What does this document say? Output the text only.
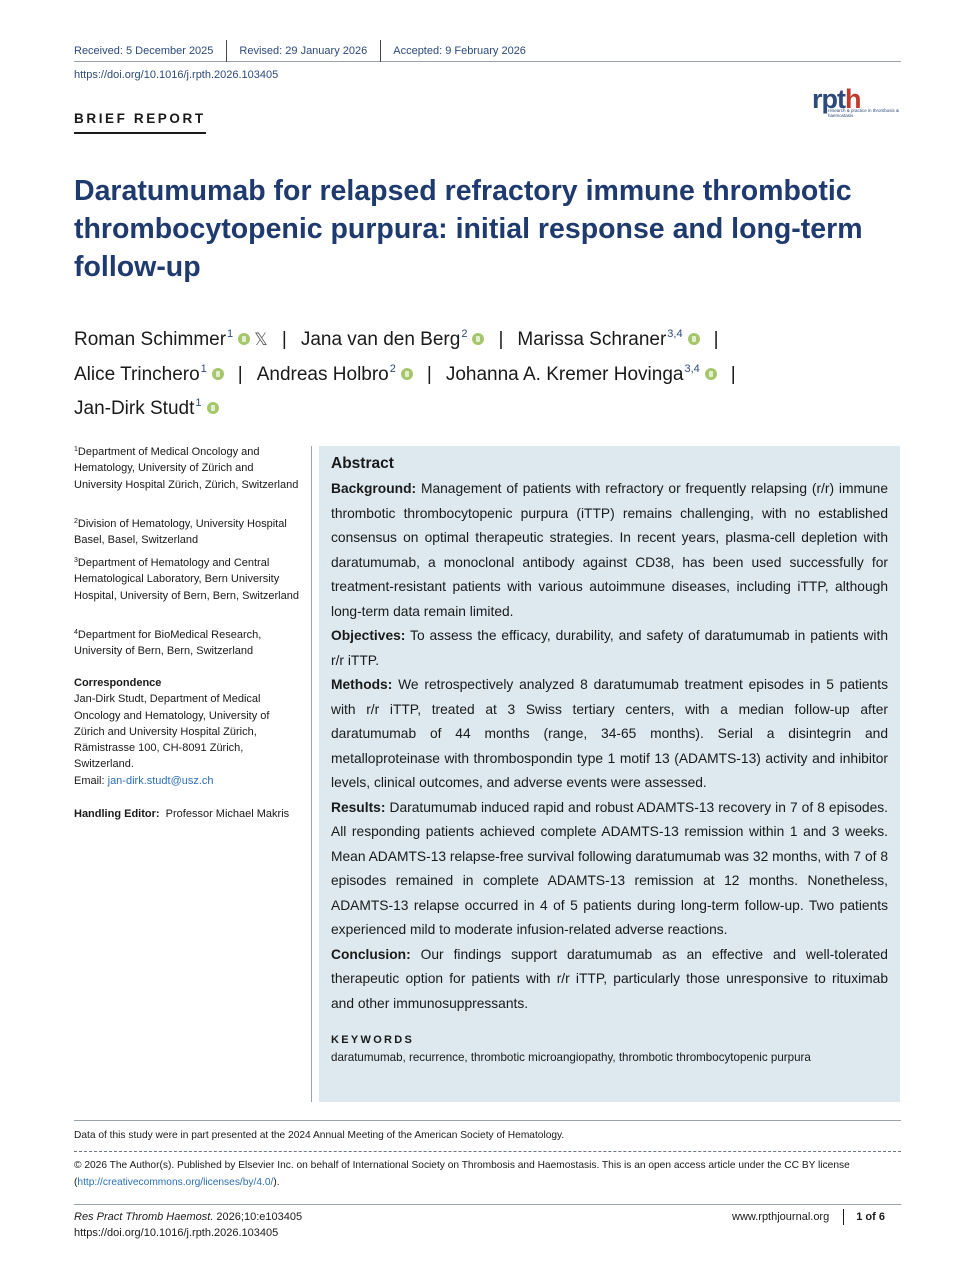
Received: 5 December 2025	Revised: 29 January 2026	Accepted: 9 February 2026
https://doi.org/10.1016/j.rpth.2026.103405
BRIEF REPORT
rpth
research & practice in thrombosis & haemostasis
Daratumumab for relapsed refractory immune thrombotic thrombocytopenic purpura: initial response and long-term follow-up
Roman Schimmer$^1$ 𝕏 | Jana van den Berg$^2$ | Marissa Schraner$^{3,4}$ |
Alice Trinchero$^1$ | Andreas Holbro$^2$ | Johanna A. Kremer Hovinga$^{3,4}$ |
Jan-Dirk Studt$^1$
$^1$Department of Medical Oncology and Hematology, University of Zürich and University Hospital Zürich, Zürich, Switzerland
$^2$Division of Hematology, University Hospital Basel, Basel, Switzerland
$^3$Department of Hematology and Central Hematological Laboratory, Bern University Hospital, University of Bern, Bern, Switzerland
$^4$Department for BioMedical Research, University of Bern, Bern, Switzerland
Correspondence
Jan-Dirk Studt, Department of Medical Oncology and Hematology, University of Zürich and University Hospital Zürich, Rämistrasse 100, CH-8091 Zürich, Switzerland.
Email: jan-dirk.studt@usz.ch
Handling Editor: Professor Michael Makris
Abstract

Background: Management of patients with refractory or frequently relapsing (r/r) immune thrombotic thrombocytopenic purpura (iTTP) remains challenging, with no established consensus on optimal therapeutic strategies. In recent years, plasma-cell depletion with daratumumab, a monoclonal antibody against CD38, has been used successfully for treatment-resistant patients with various autoimmune diseases, including iTTP, although long-term data remain limited.

Objectives: To assess the efficacy, durability, and safety of daratumumab in patients with r/r iTTP.

Methods: We retrospectively analyzed 8 daratumumab treatment episodes in 5 patients with r/r iTTP, treated at 3 Swiss tertiary centers, with a median follow-up after daratumumab of 44 months (range, 34-65 months). Serial a disintegrin and metalloproteinase with thrombospondin type 1 motif 13 (ADAMTS-13) activity and inhibitor levels, clinical outcomes, and adverse events were assessed.

Results: Daratumumab induced rapid and robust ADAMTS-13 recovery in 7 of 8 episodes. All responding patients achieved complete ADAMTS-13 remission within 1 and 3 weeks. Mean ADAMTS-13 relapse-free survival following daratumumab was 32 months, with 7 of 8 episodes remained in complete ADAMTS-13 remission at 12 months. Nonetheless, ADAMTS-13 relapse occurred in 4 of 5 patients during long-term follow-up. Two patients experienced mild to moderate infusion-related adverse reactions.

Conclusion: Our findings support daratumumab as an effective and well-tolerated therapeutic option for patients with r/r iTTP, particularly those unresponsive to rituximab and other immunosuppressants.

KEYWORDS
daratumumab, recurrence, thrombotic microangiopathy, thrombotic thrombocytopenic purpura
Data of this study were in part presented at the 2024 Annual Meeting of the American Society of Hematology.
© 2026 The Author(s). Published by Elsevier Inc. on behalf of International Society on Thrombosis and Haemostasis. This is an open access article under the CC BY license (http://creativecommons.org/licenses/by/4.0/).
Res Pract Thromb Haemost. 2026;10:e103405
https://doi.org/10.1016/j.rpth.2026.103405
www.rpthjournal.org	1 of 6
